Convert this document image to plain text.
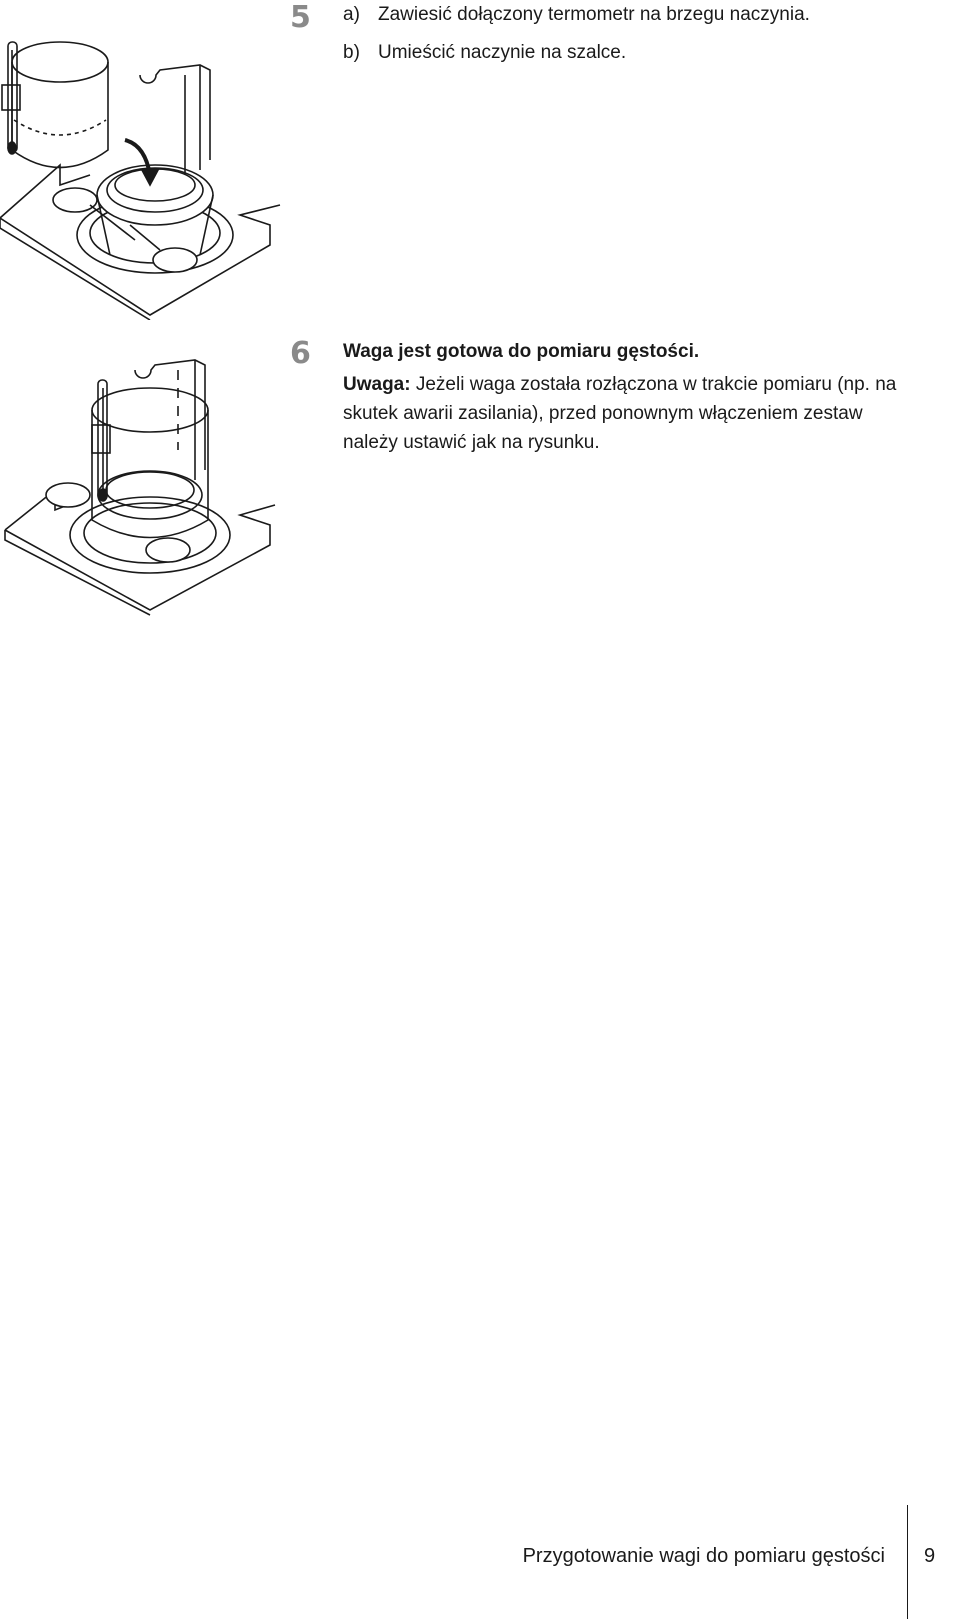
5 a) Zawiesić dołączony termometr na brzegu naczynia.
b) Umieścić naczynie na szalce.
6 Waga jest gotowa do pomiaru gęstości.
Uwaga: Jeżeli waga została rozłączona w trakcie pomiaru (np. na
skutek awarii zasilania), przed ponownym włączeniem zestaw
należy ustawić jak na rysunku.
Przygotowanie wagi do pomiaru gęstości 9
